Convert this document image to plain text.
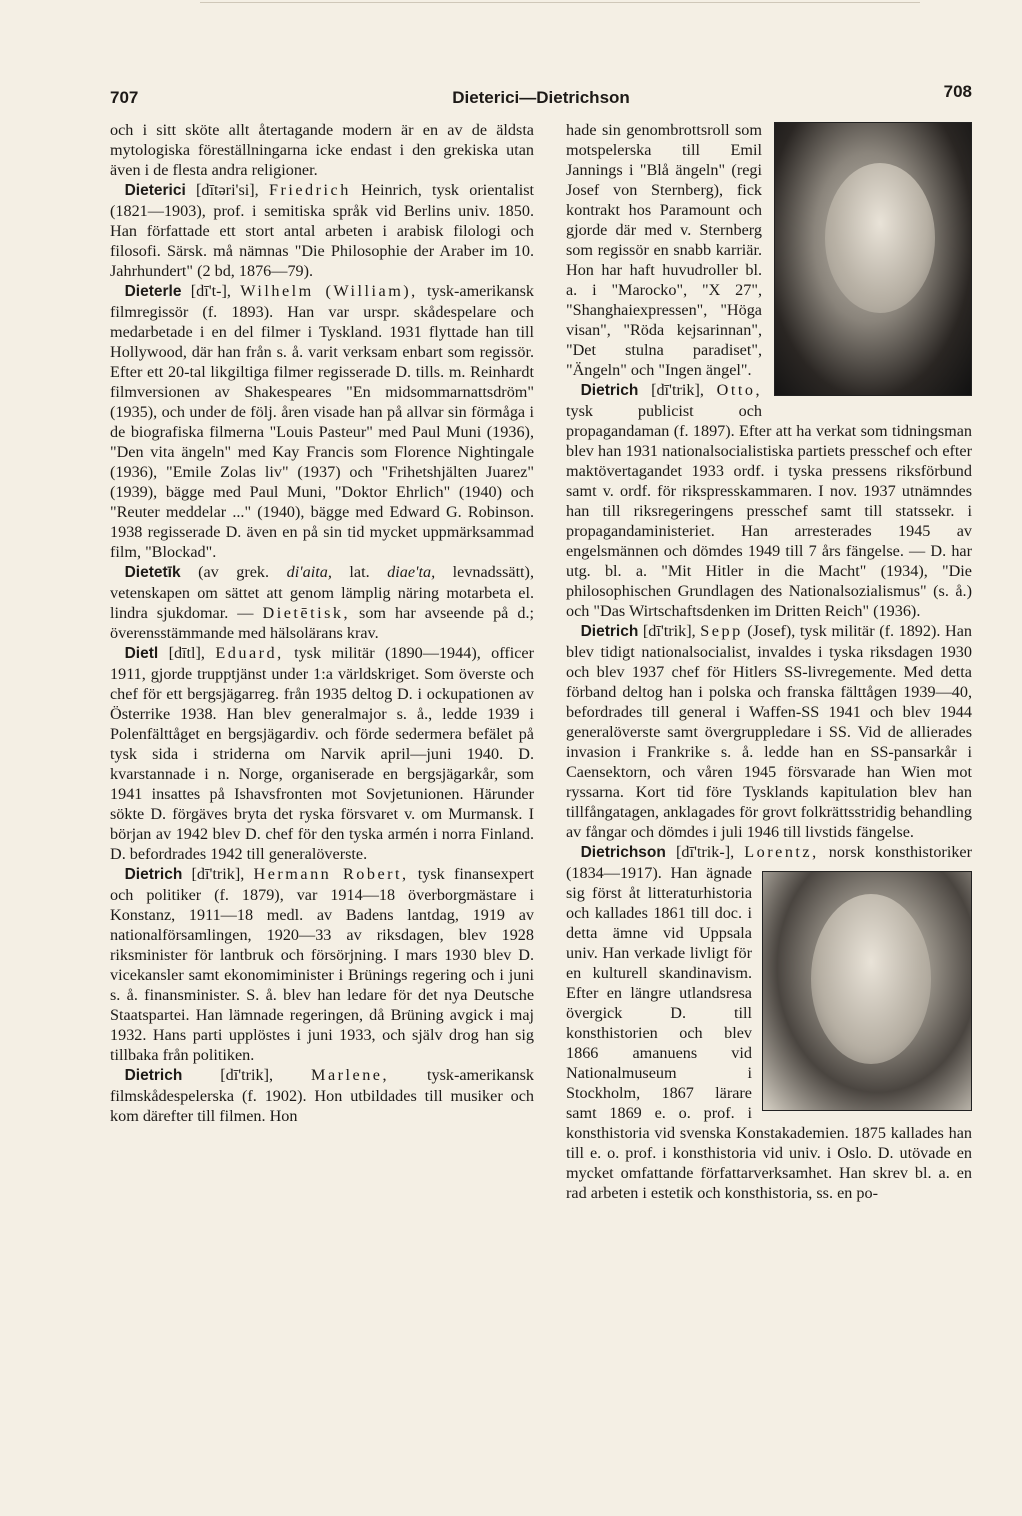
707	Dieterici—Dietrichson	708

och i sitt sköte allt återtagande modern är en av de äldsta mytologiska föreställningarna icke endast i den grekiska utan även i de flesta andra religioner.

Dieterici [dītəri'si], Friedrich Heinrich, tysk orientalist (1821—1903), prof. i semitiska språk vid Berlins univ. 1850. Han författade ett stort antal arbeten i arabisk filologi och filosofi. Särsk. må nämnas "Die Philosophie der Araber im 10. Jahrhundert" (2 bd, 1876—79).

Dieterle [dī't-], Wilhelm (William), tysk-amerikansk filmregissör (f. 1893). Han var urspr. skådespelare och medarbetade i en del filmer i Tyskland. 1931 flyttade han till Hollywood, där han från s. å. varit verksam enbart som regissör. Efter ett 20-tal likgiltiga filmer regisserade D. tills. m. Reinhardt filmversionen av Shakespeares "En midsommarnattsdröm" (1935), och under de följ. åren visade han på allvar sin förmåga i de biografiska filmerna "Louis Pasteur" med Paul Muni (1936), "Den vita ängeln" med Kay Francis som Florence Nightingale (1936), "Emile Zolas liv" (1937) och "Frihetshjälten Juarez" (1939), bägge med Paul Muni, "Doktor Ehrlich" (1940) och "Reuter meddelar ..." (1940), bägge med Edward G. Robinson. 1938 regisserade D. även en på sin tid mycket uppmärksammad film, "Blockad".

Dietetīk (av grek. di'aita, lat. diae'ta, levnadssätt), vetenskapen om sättet att genom lämplig näring motarbeta el. lindra sjukdomar. — Dietētisk, som har avseende på d.; överensstämmande med hälsolärans krav.

Dietl [dītl], Eduard, tysk militär (1890—1944), officer 1911, gjorde trupptjänst under 1:a världskriget. Som överste och chef för ett bergsjägarreg. från 1935 deltog D. i ockupationen av Österrike 1938. Han blev generalmajor s. å., ledde 1939 i Polenfälttåget en bergsjägardiv. och förde sedermera befälet på tysk sida i striderna om Narvik april—juni 1940. D. kvarstannade i n. Norge, organiserade en bergsjägarkår, som 1941 insattes på Ishavsfronten mot Sovjetunionen. Härunder sökte D. förgäves bryta det ryska försvaret v. om Murmansk. I början av 1942 blev D. chef för den tyska armén i norra Finland. D. befordrades 1942 till generalöverste.

Dietrich [dī'trik], Hermann Robert, tysk finansexpert och politiker (f. 1879), var 1914—18 överborgmästare i Konstanz, 1911—18 medl. av Badens lantdag, 1919 av nationalförsamlingen, 1920—33 av riksdagen, blev 1928 riksminister för lantbruk och försörjning. I mars 1930 blev D. vicekansler samt ekonomiminister i Brünings regering och i juni s. å. finansminister. S. å. blev han ledare för det nya Deutsche Staatspartei. Han lämnade regeringen, då Brüning avgick i maj 1932. Hans parti upplöstes i juni 1933, och själv drog han sig tillbaka från politiken.

Dietrich [dī'trik], Marlene, tysk-amerikansk filmskådespelerska (f. 1902). Hon utbildades till musiker och kom därefter till filmen. Hon

hade sin genombrottsroll som motspelerska till Emil Jannings i "Blå ängeln" (regi Josef von Sternberg), fick kontrakt hos Paramount och gjorde där med v. Sternberg som regissör en snabb karriär. Hon har haft huvudroller bl. a. i "Marocko", "X 27", "Shanghaiexpressen", "Höga visan", "Röda kejsarinnan", "Det stulna paradiset", "Ängeln" och "Ingen ängel".

Dietrich [dī'trik], Otto, tysk publicist och propagandaman (f. 1897). Efter att ha verkat som tidningsman blev han 1931 nationalsocialistiska partiets presschef och efter maktövertagandet 1933 ordf. i tyska pressens riksförbund samt v. ordf. för rikspresskammaren. I nov. 1937 utnämndes han till riksregeringens presschef samt till statssekr. i propagandaministeriet. Han arresterades 1945 av engelsmännen och dömdes 1949 till 7 års fängelse. — D. har utg. bl. a. "Mit Hitler in die Macht" (1934), "Die philosophischen Grundlagen des Nationalsozialismus" (s. å.) och "Das Wirtschaftsdenken im Dritten Reich" (1936).

Dietrich [dī'trik], Sepp (Josef), tysk militär (f. 1892). Han blev tidigt nationalsocialist, invaldes i tyska riksdagen 1930 och blev 1937 chef för Hitlers SS-livregemente. Med detta förband deltog han i polska och franska fälttågen 1939—40, befordrades till general i Waffen-SS 1941 och blev 1944 generalöverste samt övergruppledare i SS. Vid de allierades invasion i Frankrike s. å. ledde han en SS-pansarkår i Caensektorn, och våren 1945 försvarade han Wien mot ryssarna. Kort tid före Tysklands kapitulation blev han tillfångatagen, anklagades för grovt folkrättsstridig behandling av fångar och dömdes i juli 1946 till livstids fängelse.

Dietrichson [dī'trik-], Lorentz,
norsk konsthistoriker (1834—1917). Han ägnade sig först åt litteraturhistoria och kallades 1861 till doc. i detta ämne vid Uppsala univ. Han verkade livligt för en kulturell skandinavism. Efter en längre utlandsresa övergick D. till konsthistorien och blev 1866 amanuens vid Nationalmuseum i Stockholm, 1867 lärare samt 1869 e. o. prof. i konsthistoria vid svenska Konstakademien. 1875 kallades han till e. o. prof. i konsthistoria vid univ. i Oslo. D. utövade en mycket omfattande författarverksamhet. Han skrev bl. a. en rad arbeten i estetik och konsthistoria, ss. en po-
